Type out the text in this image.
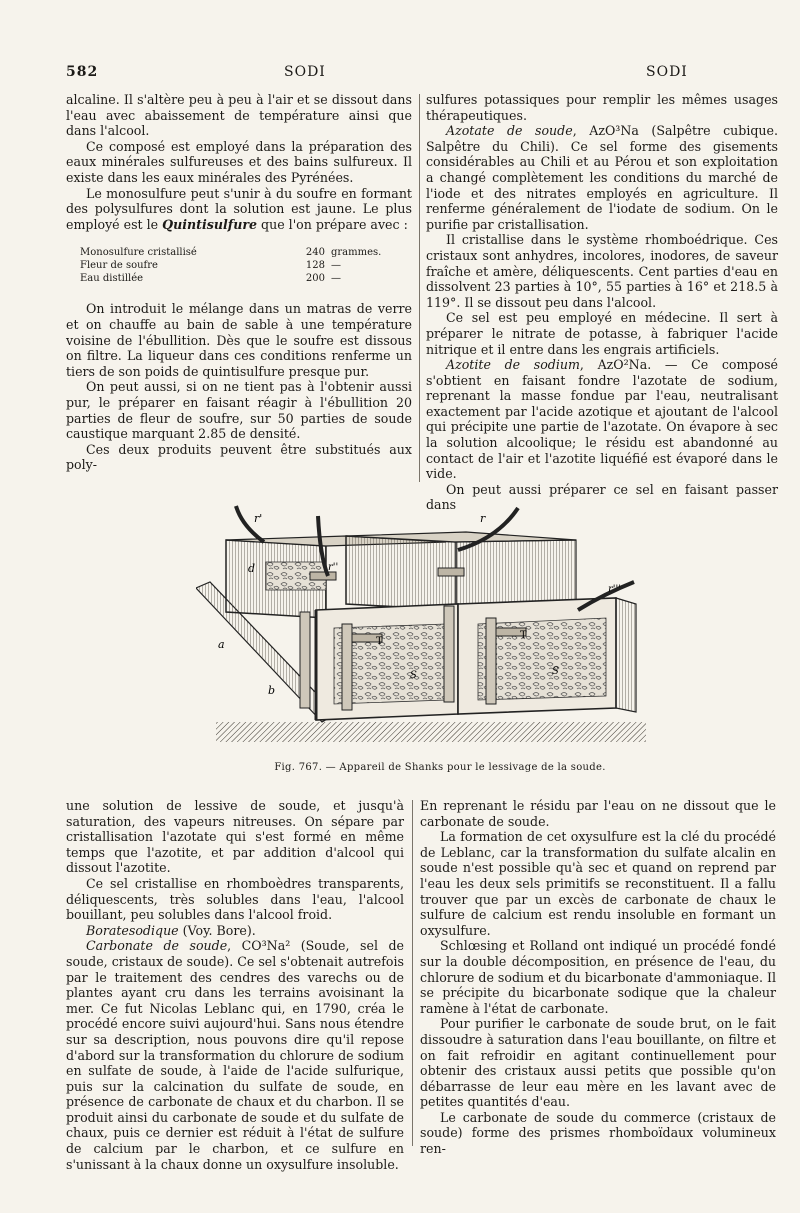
582	SODI	SODI

alcaline. Il s'altère peu à peu à l'air et se dissout dans l'eau avec abaissement de température ainsi que dans l'alcool.

Ce composé est employé dans la préparation des eaux minérales sulfureuses et des bains sulfureux. Il existe dans les eaux minérales des Pyrénées.

Le monosulfure peut s'unir à du soufre en formant des polysulfures dont la solution est jaune. Le plus employé est le Quintisulfure que l'on prépare avec :

Monosulfure cristallisé	240	grammes.
Fleur de soufre	128	—
Eau distillée	200	—

On introduit le mélange dans un matras de verre et on chauffe au bain de sable à une température voisine de l'ébullition. Dès que le soufre est dissous on filtre. La liqueur dans ces conditions renferme un tiers de son poids de quintisulfure presque pur.

On peut aussi, si on ne tient pas à l'obtenir aussi pur, le préparer en faisant réagir à l'ébullition 20 parties de fleur de soufre, sur 50 parties de soude caustique marquant 2.85 de densité.

Ces deux produits peuvent être substitués aux poly-

sulfures potassiques pour remplir les mêmes usages thérapeutiques.

Azotate de soude, AzO³Na (Salpêtre cubique. Salpêtre du Chili). Ce sel forme des gisements considérables au Chili et au Pérou et son exploitation a changé complètement les conditions du marché de l'iode et des nitrates employés en agriculture. Il renferme généralement de l'iodate de sodium. On le purifie par cristallisation.

Il cristallise dans le système rhomboédrique. Ces cristaux sont anhydres, incolores, inodores, de saveur fraîche et amère, déliquescents. Cent parties d'eau en dissolvent 23 parties à 10°, 55 parties à 16° et 218.5 à 119°. Il se dissout peu dans l'alcool.

Ce sel est peu employé en médecine. Il sert à préparer le nitrate de potasse, à fabriquer l'acide nitrique et il entre dans les engrais artificiels.

Azotite de sodium, AzO²Na. — Ce composé s'obtient en faisant fondre l'azotate de sodium, reprenant la masse fondue par l'eau, neutralisant exactement par l'acide azotique et ajoutant de l'alcool qui précipite une partie de l'azotate. On évapore à sec la solution alcoolique; le résidu est abandonné au contact de l'air et l'azotite liquéfié est évaporé dans le vide.

On peut aussi préparer ce sel en faisant passer dans

r'	r
r''
r'''
a
b
d
T
T
S	S
Fig. 767. — Appareil de Shanks pour le lessivage de la soude.

une solution de lessive de soude, et jusqu'à saturation, des vapeurs nitreuses. On sépare par cristallisation l'azotate qui s'est formé en même temps que l'azotite, et par addition d'alcool qui dissout l'azotite.

Ce sel cristallise en rhomboèdres transparents, déliquescents, très solubles dans l'eau, l'alcool bouillant, peu solubles dans l'alcool froid.

Boratesodique (Voy. Bore).

Carbonate de soude, CO³Na² (Soude, sel de soude, cristaux de soude). Ce sel s'obtenait autrefois par le traitement des cendres des varechs ou de plantes ayant cru dans les terrains avoisinant la mer. Ce fut Nicolas Leblanc qui, en 1790, créa le procédé encore suivi aujourd'hui. Sans nous étendre sur sa description, nous pouvons dire qu'il repose d'abord sur la transformation du chlorure de sodium en sulfate de soude, à l'aide de l'acide sulfurique, puis sur la calcination du sulfate de soude, en présence de carbonate de chaux et du charbon. Il se produit ainsi du carbonate de soude et du sulfate de chaux, puis ce dernier est réduit à l'état de sulfure de calcium par le charbon, et ce sulfure en s'unissant à la chaux donne un oxysulfure insoluble.

En reprenant le résidu par l'eau on ne dissout que le carbonate de soude.

La formation de cet oxysulfure est la clé du procédé de Leblanc, car la transformation du sulfate alcalin en soude n'est possible qu'à sec et quand on reprend par l'eau les deux sels primitifs se reconstituent. Il a fallu trouver que par un excès de carbonate de chaux le sulfure de calcium est rendu insoluble en formant un oxysulfure.

Schlœsing et Rolland ont indiqué un procédé fondé sur la double décomposition, en présence de l'eau, du chlorure de sodium et du bicarbonate d'ammoniaque. Il se précipite du bicarbonate sodique que la chaleur ramène à l'état de carbonate.

Pour purifier le carbonate de soude brut, on le fait dissoudre à saturation dans l'eau bouillante, on filtre et on fait refroidir en agitant continuellement pour obtenir des cristaux aussi petits que possible qu'on débarrasse de leur eau mère en les lavant avec de petites quantités d'eau.

Le carbonate de soude du commerce (cristaux de soude) forme des prismes rhomboïdaux volumineux ren-
